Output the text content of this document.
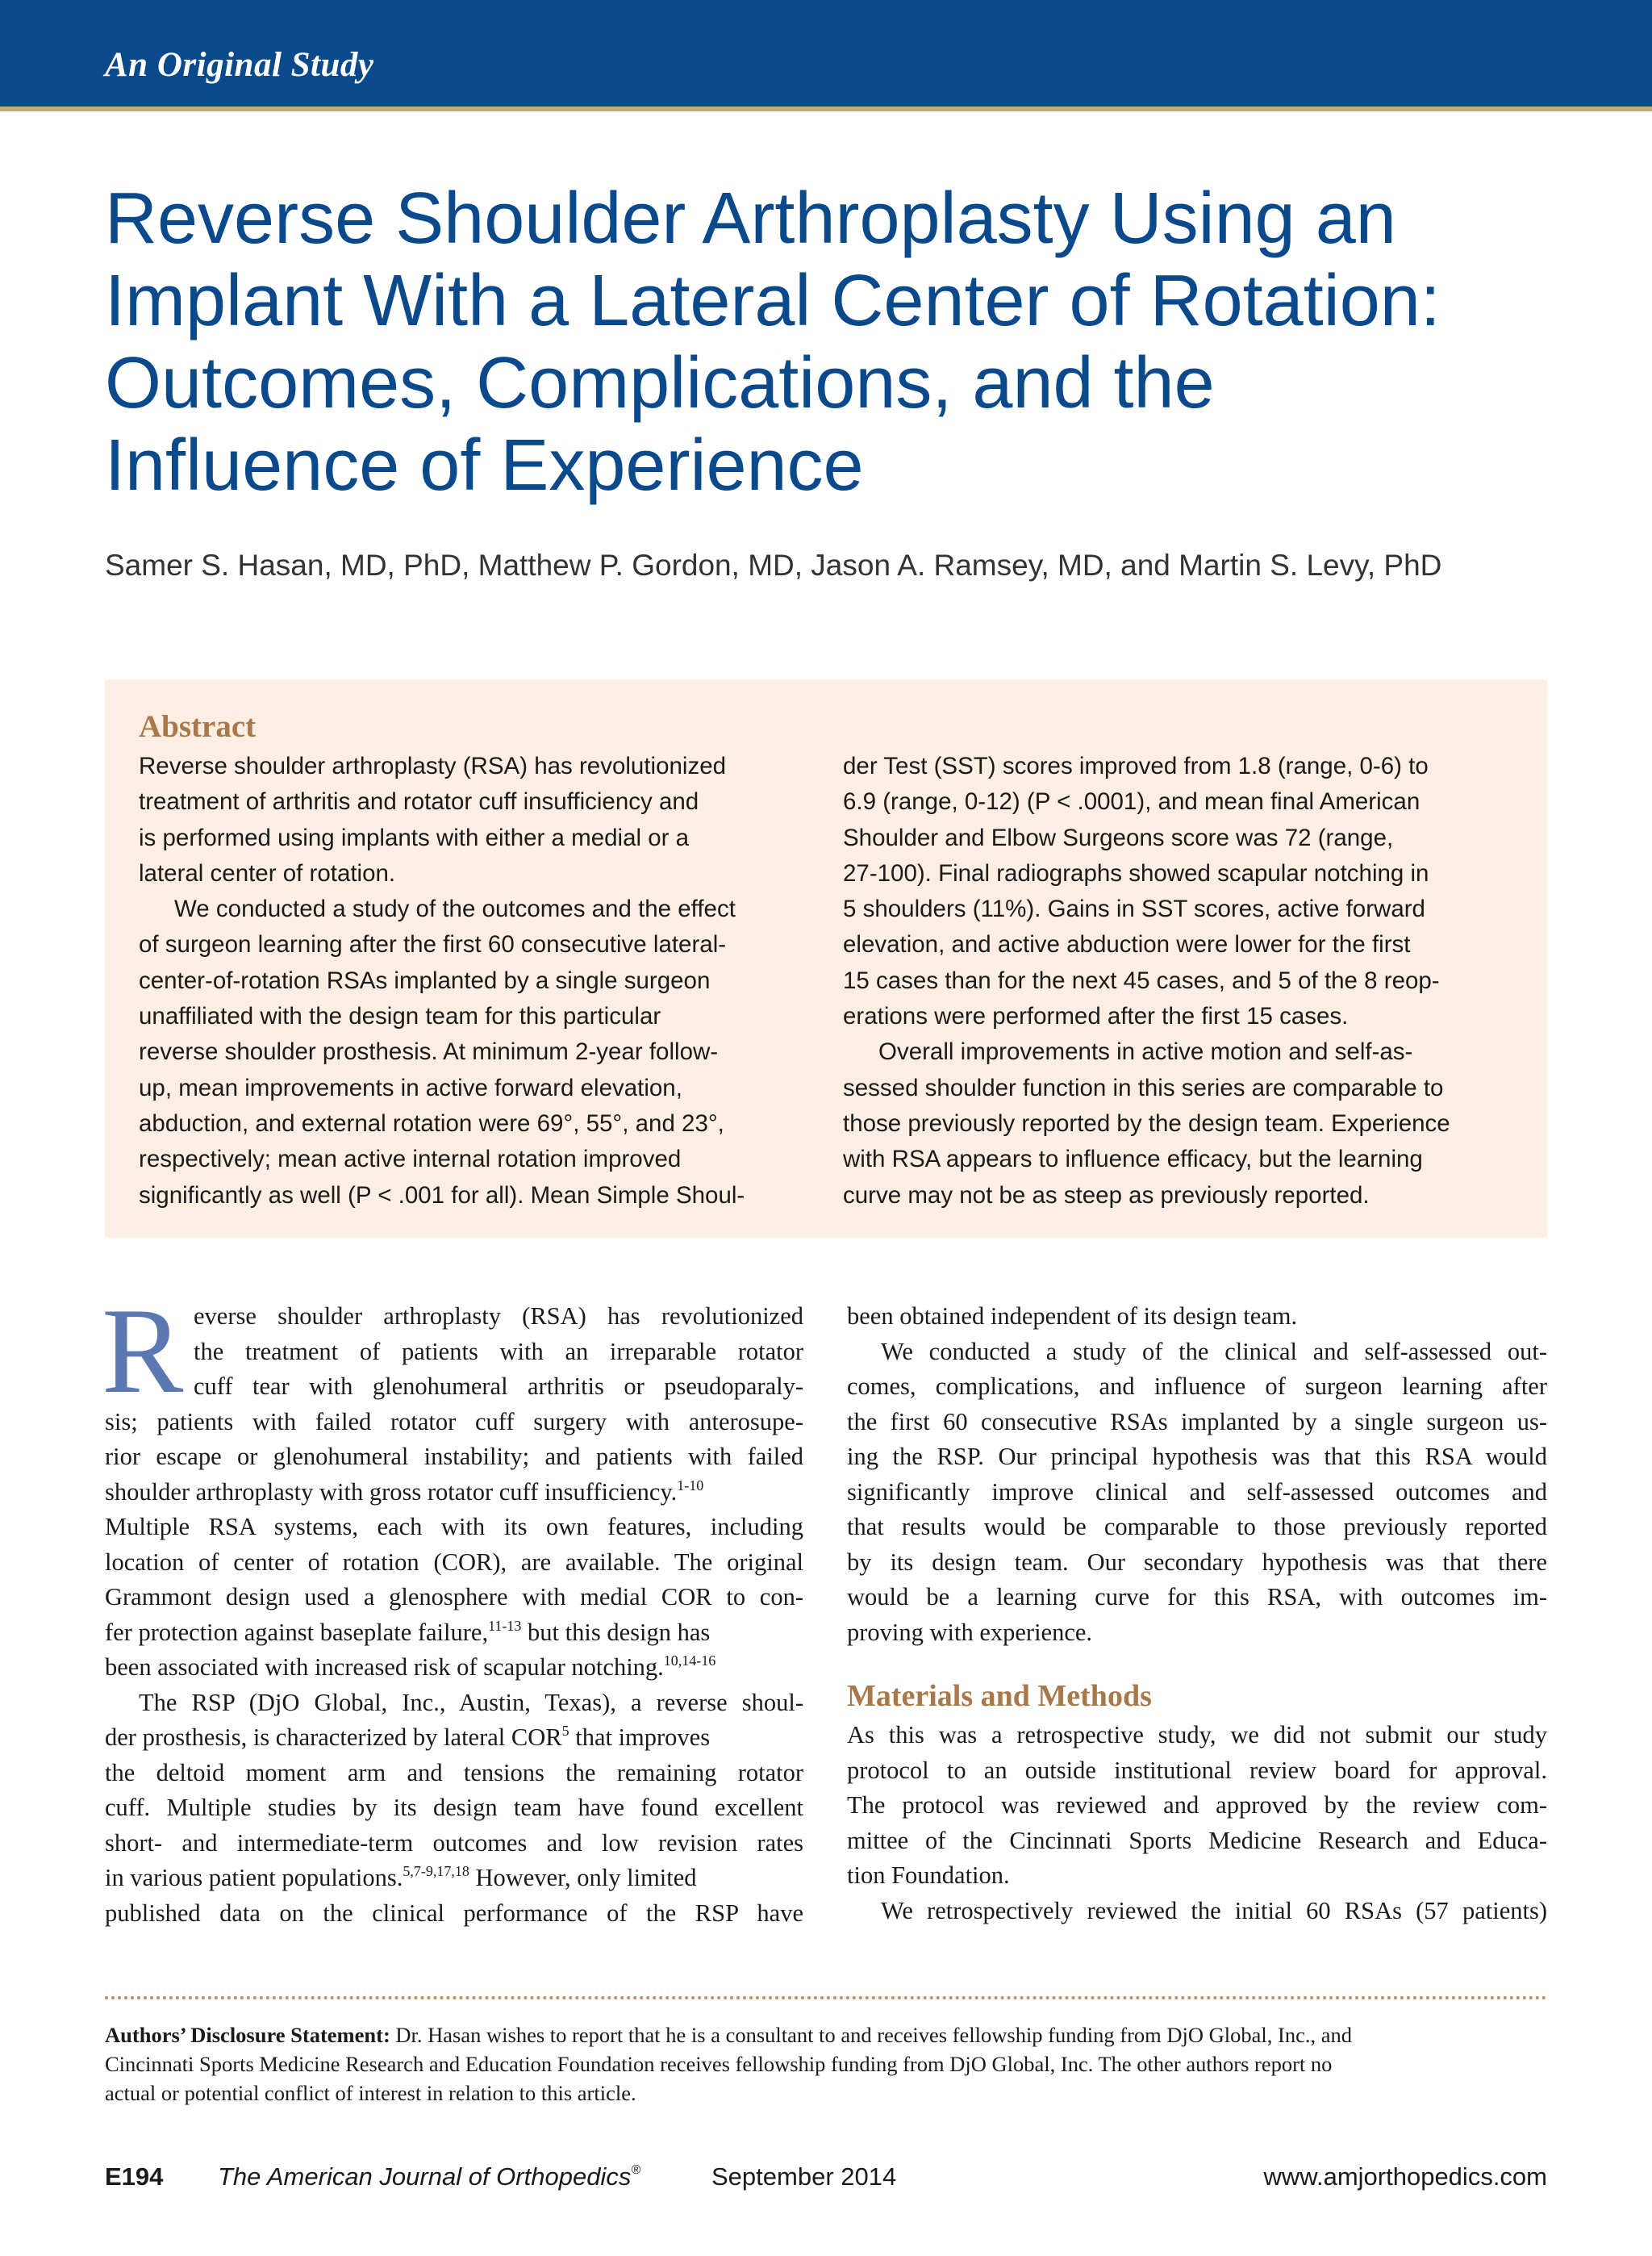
An Original Study
Reverse Shoulder Arthroplasty Using an
Implant With a Lateral Center of Rotation:
Outcomes, Complications, and the
Influence of Experience
Samer S. Hasan, MD, PhD, Matthew P. Gordon, MD, Jason A. Ramsey, MD, and Martin S. Levy, PhD
Abstract
Reverse shoulder arthroplasty (RSA) has revolutionized
treatment of arthritis and rotator cuff insufficiency and
is performed using implants with either a medial or a
lateral center of rotation.
We conducted a study of the outcomes and the effect
of surgeon learning after the first 60 consecutive lateral-
center-of-rotation RSAs implanted by a single surgeon
unaffiliated with the design team for this particular
reverse shoulder prosthesis. At minimum 2-year follow-
up, mean improvements in active forward elevation,
abduction, and external rotation were 69°, 55°, and 23°,
respectively; mean active internal rotation improved
significantly as well (P < .001 for all). Mean Simple Shoul-
der Test (SST) scores improved from 1.8 (range, 0-6) to
6.9 (range, 0-12) (P < .0001), and mean final American
Shoulder and Elbow Surgeons score was 72 (range,
27-100). Final radiographs showed scapular notching in
5 shoulders (11%). Gains in SST scores, active forward
elevation, and active abduction were lower for the first
15 cases than for the next 45 cases, and 5 of the 8 reop-
erations were performed after the first 15 cases.
Overall improvements in active motion and self-as-
sessed shoulder function in this series are comparable to
those previously reported by the design team. Experience
with RSA appears to influence efficacy, but the learning
curve may not be as steep as previously reported.
R everse shoulder arthroplasty (RSA) has revolutionized
the treatment of patients with an irreparable rotator
cuff tear with glenohumeral arthritis or pseudoparaly-
sis; patients with failed rotator cuff surgery with anterosupe-
rior escape or glenohumeral instability; and patients with failed
shoulder arthroplasty with gross rotator cuff insufficiency.$^{1-10}$
Multiple RSA systems, each with its own features, including
location of center of rotation (COR), are available. The original
Grammont design used a glenosphere with medial COR to con-
fer protection against baseplate failure,$^{11-13}$ but this design has
been associated with increased risk of scapular notching.$^{10,14-16}$
The RSP (DjO Global, Inc., Austin, Texas), a reverse shoul-
der prosthesis, is characterized by lateral COR$^5$ that improves
the deltoid moment arm and tensions the remaining rotator
cuff. Multiple studies by its design team have found excellent
short- and intermediate-term outcomes and low revision rates
in various patient populations.$^{5,7-9,17,18}$ However, only limited
published data on the clinical performance of the RSP have
been obtained independent of its design team.
We conducted a study of the clinical and self-assessed out-
comes, complications, and influence of surgeon learning after
the first 60 consecutive RSAs implanted by a single surgeon us-
ing the RSP. Our principal hypothesis was that this RSA would
significantly improve clinical and self-assessed outcomes and
that results would be comparable to those previously reported
by its design team. Our secondary hypothesis was that there
would be a learning curve for this RSA, with outcomes im-
proving with experience.
Materials and Methods
As this was a retrospective study, we did not submit our study
protocol to an outside institutional review board for approval.
The protocol was reviewed and approved by the review com-
mittee of the Cincinnati Sports Medicine Research and Educa-
tion Foundation.
We retrospectively reviewed the initial 60 RSAs (57 patients)
Authors’ Disclosure Statement: Dr. Hasan wishes to report that he is a consultant to and receives fellowship funding from DjO Global, Inc., and
Cincinnati Sports Medicine Research and Education Foundation receives fellowship funding from DjO Global, Inc. The other authors report no
actual or potential conflict of interest in relation to this article.
E194 The American Journal of Orthopedics®	September 2014	www.amjorthopedics.com
